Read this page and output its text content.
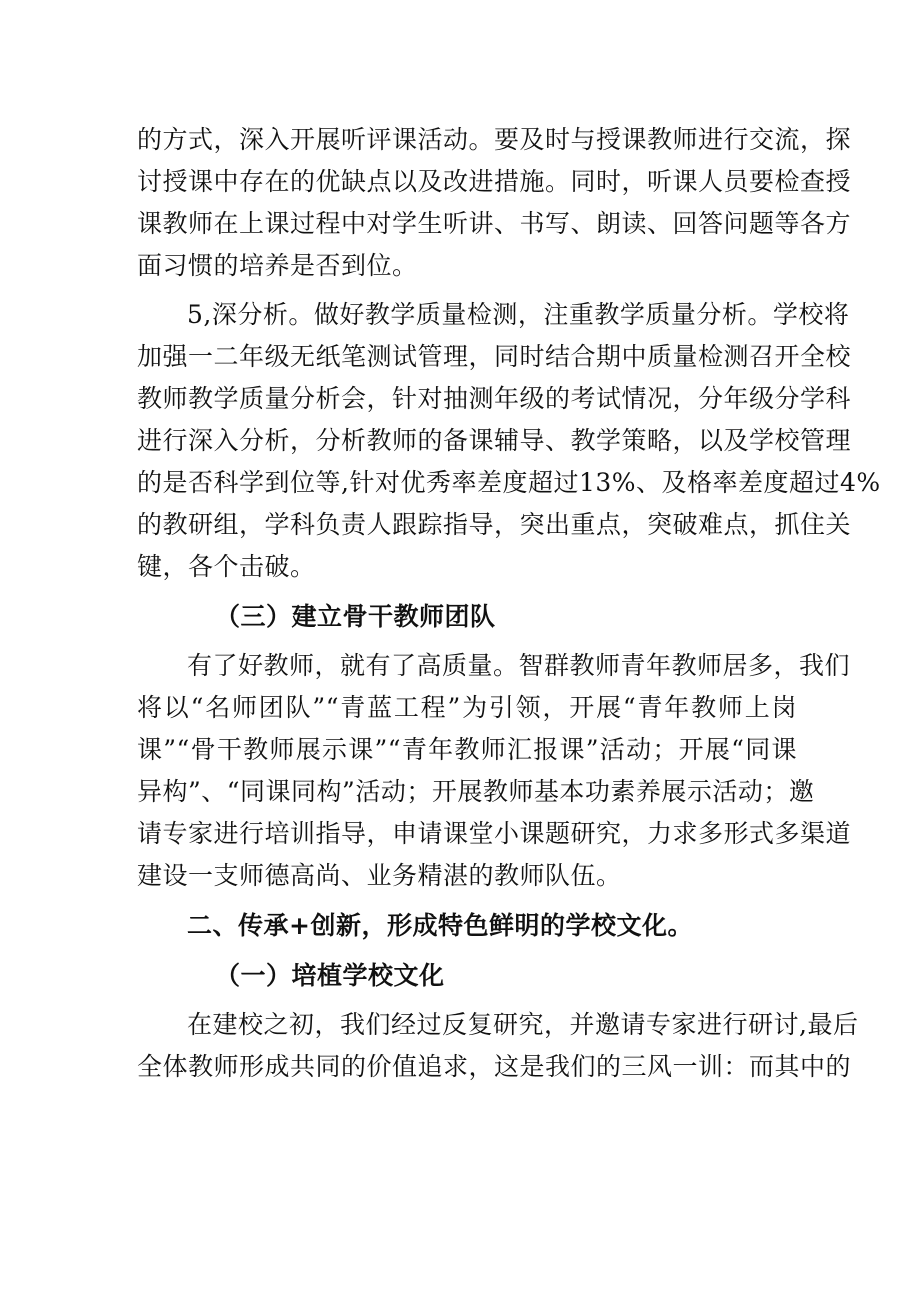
的方式，深入开展听评课活动。要及时与授课教师进行交流，探
讨授课中存在的优缺点以及改进措施。同时，听课人员要检查授
课教师在上课过程中对学生听讲、书写、朗读、回答问题等各方
面习惯的培养是否到位。
5,深分析。做好教学质量检测，注重教学质量分析。学校将
加强一二年级无纸笔测试管理，同时结合期中质量检测召开全校
教师教学质量分析会，针对抽测年级的考试情况，分年级分学科
进行深入分析，分析教师的备课辅导、教学策略，以及学校管理
的是否科学到位等,针对优秀率差度超过13%、及格率差度超过4%
的教研组，学科负责人跟踪指导，突出重点，突破难点，抓住关
键，各个击破。
（三）建立骨干教师团队
有了好教师，就有了高质量。智群教师青年教师居多，我们
将以“名师团队”“青蓝工程”为引领，开展“青年教师上岗
课”“骨干教师展示课”“青年教师汇报课”活动；开展“同课
异构”、“同课同构”活动；开展教师基本功素养展示活动；邀
请专家进行培训指导，申请课堂小课题研究，力求多形式多渠道
建设一支师德高尚、业务精湛的教师队伍。
二、传承+创新，形成特色鲜明的学校文化。
（一）培植学校文化
在建校之初，我们经过反复研究，并邀请专家进行研讨,最后
全体教师形成共同的价值追求，这是我们的三风一训：而其中的
